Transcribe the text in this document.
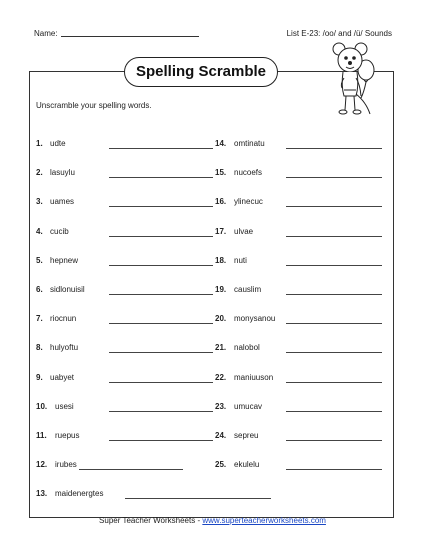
Name:	List E-23: /oo/ and /ü/ Sounds
Spelling Scramble
Unscramble your spelling words.
1. udte
2. lasuylu
3. uames
4. cucib
5. hepnew
6. sidlonuisil
7. riocnun
8. hulyoftu
9. uabyet
10. usesi
11. ruepus
12. irubes
13. maidenergtes
14. omtinatu
15. nucoefs
16. ylinecuc
17. ulvae
18. nuti
19. causlim
20. monysanou
21. nalobol
22. maniuuson
23. umucav
24. sepreu
25. ekulelu
Super Teacher Worksheets - www.superteacherworksheets.com
